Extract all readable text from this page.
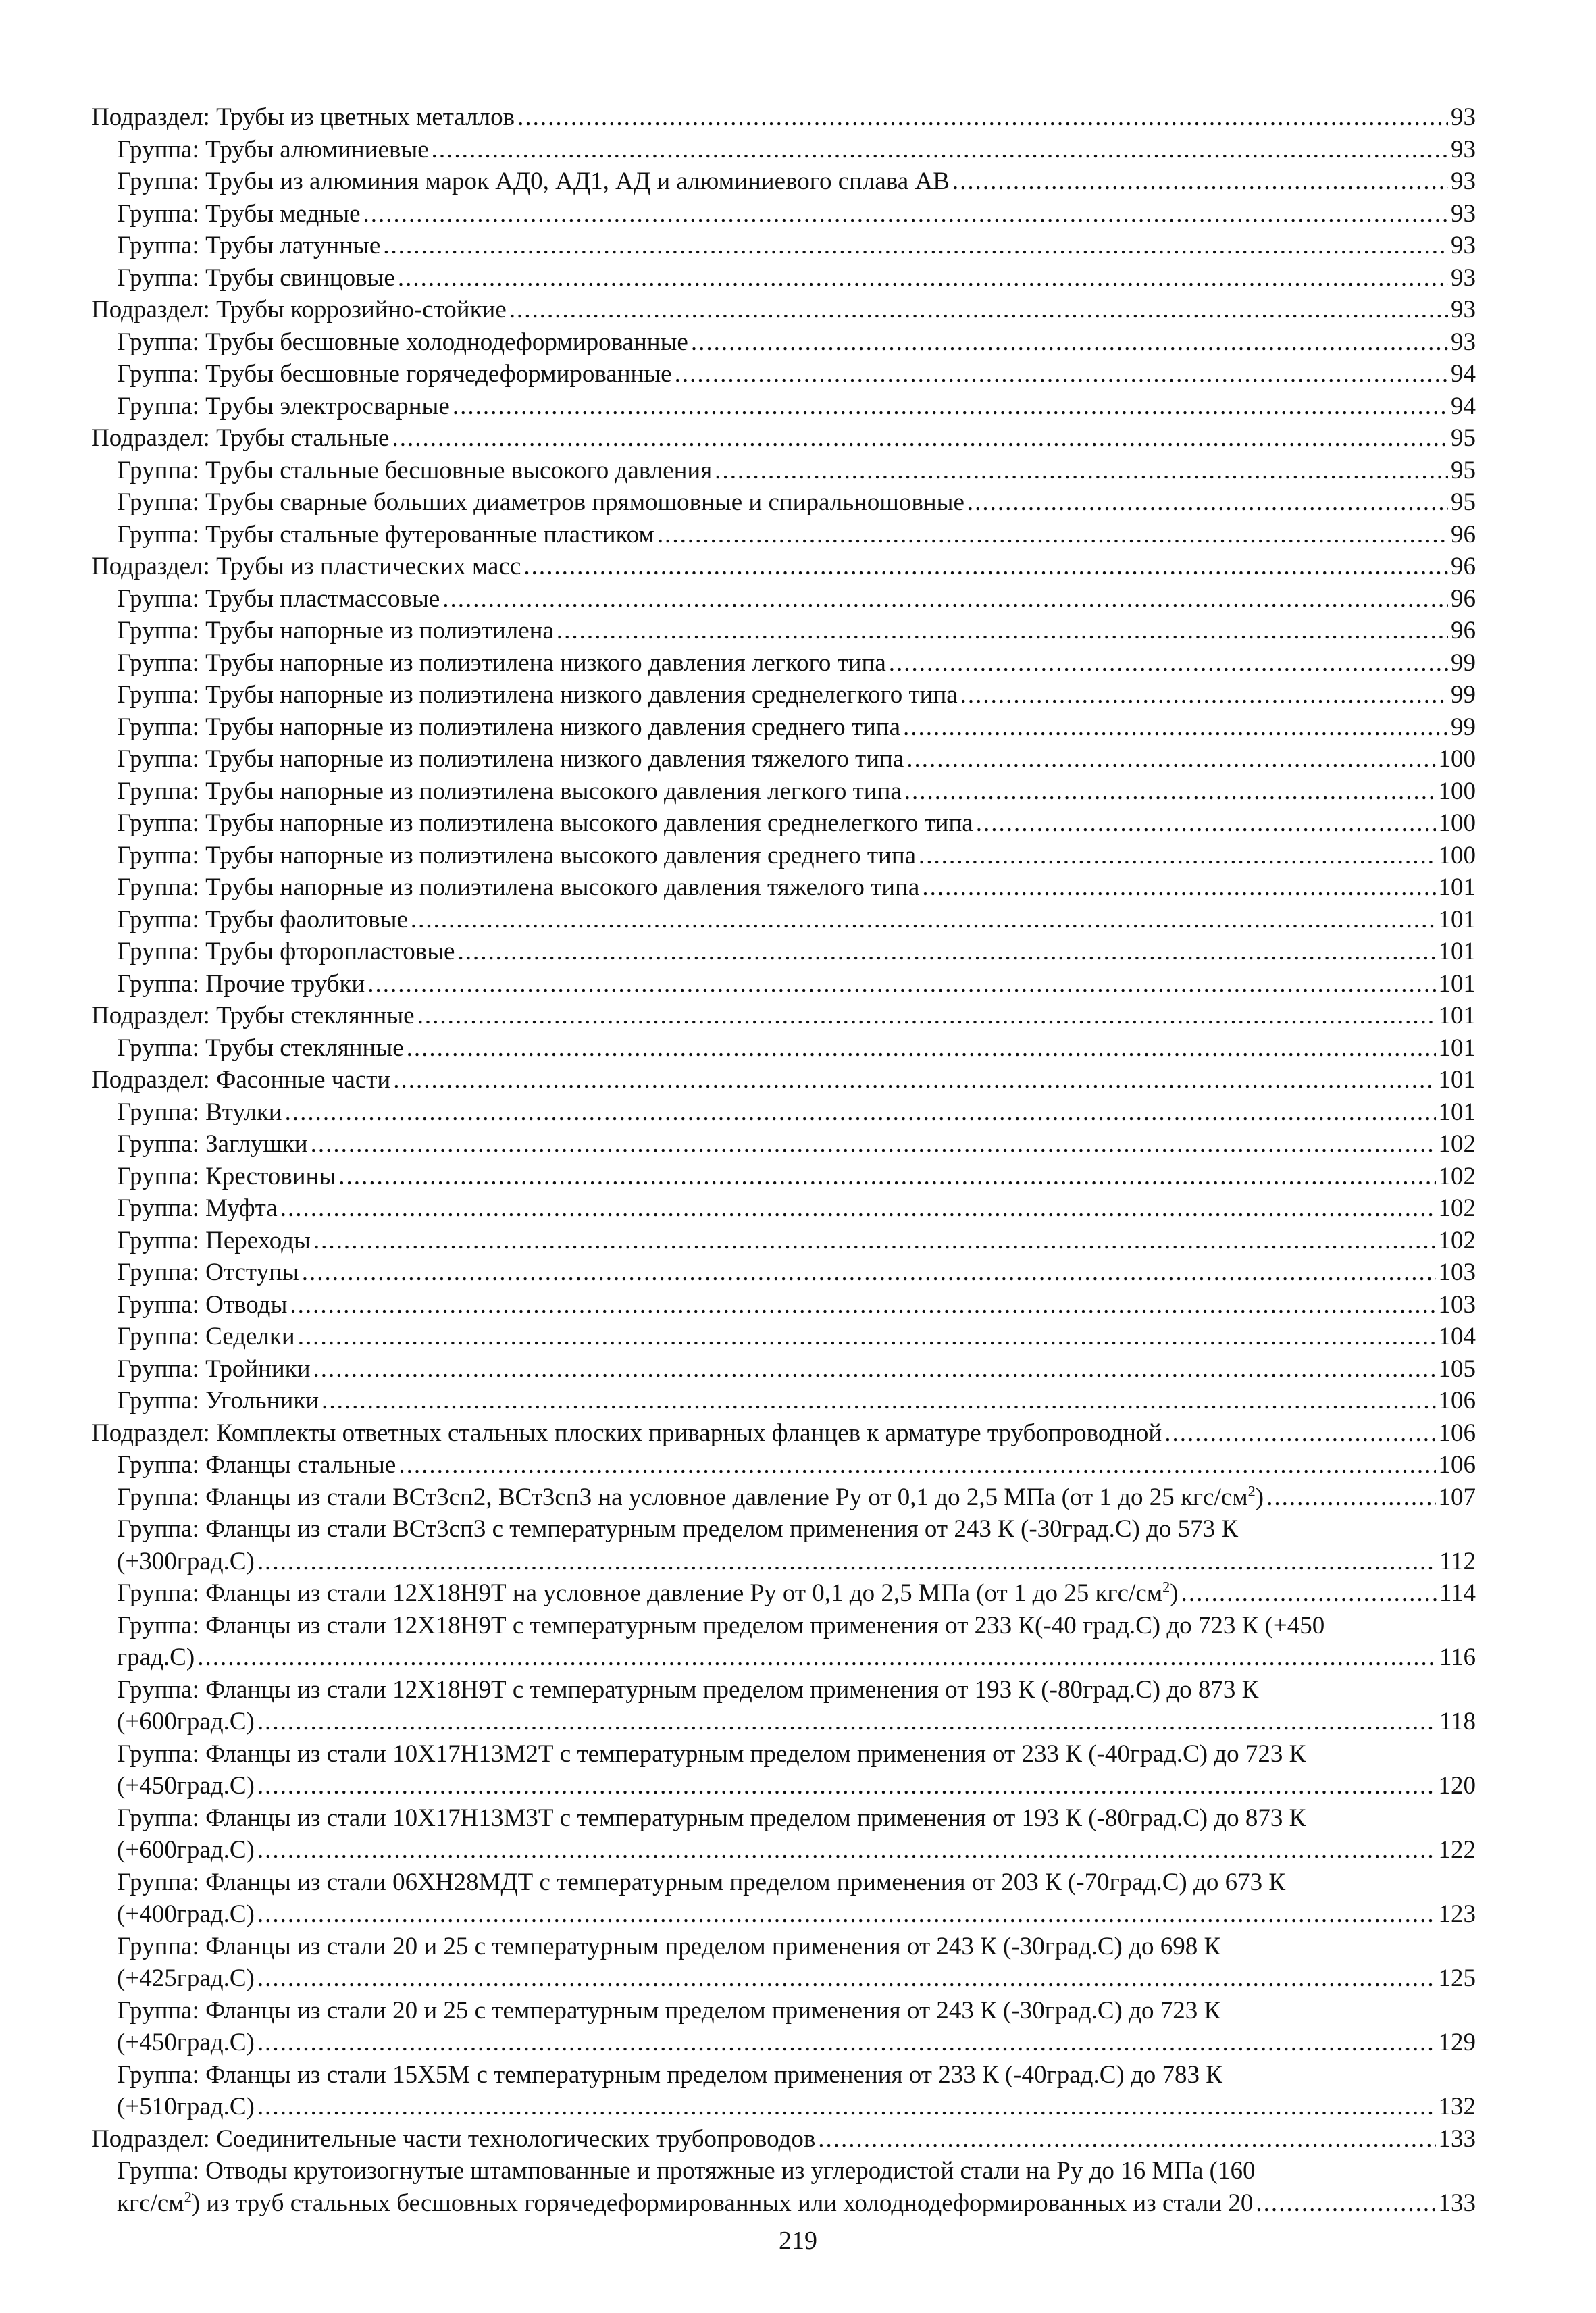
Подраздел: Трубы из цветных металлов .....	93
Группа: Трубы алюминиевые .....	93
Группа: Трубы из алюминия марок АД0, АД1, АД и алюминиевого сплава АВ .....	93
Группа: Трубы медные .....	93
Группа: Трубы латунные .....	93
Группа: Трубы свинцовые .....	93
Подраздел: Трубы коррозийно-стойкие .....	93
Группа: Трубы бесшовные холоднодеформированные .....	93
Группа: Трубы бесшовные горячедеформированные .....	94
Группа: Трубы электросварные .....	94
Подраздел: Трубы стальные .....	95
Группа: Трубы стальные бесшовные высокого давления .....	95
Группа: Трубы сварные больших диаметров прямошовные и спиральношовные .....	95
Группа: Трубы стальные футерованные пластиком .....	96
Подраздел: Трубы из пластических масс .....	96
Группа: Трубы пластмассовые .....	96
Группа: Трубы напорные из полиэтилена .....	96
Группа: Трубы напорные из полиэтилена низкого давления легкого типа .....	99
Группа: Трубы напорные из полиэтилена низкого давления среднелегкого типа .....	99
Группа: Трубы напорные из полиэтилена низкого давления среднего типа .....	99
Группа: Трубы напорные из полиэтилена низкого давления тяжелого типа .....	100
Группа: Трубы напорные из полиэтилена высокого давления легкого типа .....	100
Группа: Трубы напорные из полиэтилена высокого давления среднелегкого типа .....	100
Группа: Трубы напорные из полиэтилена высокого давления среднего типа .....	100
Группа: Трубы напорные из полиэтилена высокого давления тяжелого типа .....	101
Группа: Трубы фаолитовые .....	101
Группа: Трубы фторопластовые .....	101
Группа: Прочие трубки .....	101
Подраздел: Трубы стеклянные .....	101
Группа: Трубы стеклянные .....	101
Подраздел: Фасонные части .....	101
Группа: Втулки .....	101
Группа: Заглушки .....	102
Группа: Крестовины .....	102
Группа: Муфта .....	102
Группа: Переходы .....	102
Группа: Отступы .....	103
Группа: Отводы .....	103
Группа: Седелки .....	104
Группа: Тройники .....	105
Группа: Угольники .....	106
Подраздел: Комплекты ответных стальных плоских приварных фланцев к арматуре трубопроводной .....	106
Группа: Фланцы стальные .....	106
Группа: Фланцы из стали ВСт3сп2, ВСт3сп3 на условное давление Ру от 0,1 до 2,5 МПа (от 1 до 25 кгс/$см^2$) .....	107
Группа: Фланцы из стали ВСт3сп3 с температурным пределом применения от 243 К (-30град.С) до 573 К
(+300град.С) .....	112
Группа: Фланцы из стали 12Х18Н9Т на условное давление Ру от 0,1 до 2,5 МПа (от 1 до 25 кгс/$см^2$) .....	114
Группа: Фланцы из стали 12Х18Н9Т с температурным пределом применения от 233 К(-40 град.С) до 723 К (+450
град.С) .....	116
Группа: Фланцы из стали 12Х18Н9Т с температурным пределом применения от 193 К (-80град.С) до 873 К
(+600град.С) .....	118
Группа: Фланцы из стали 10Х17Н13М2Т с температурным пределом применения от 233 К (-40град.С) до 723 К
(+450град.С) .....	120
Группа: Фланцы из стали 10Х17Н13М3Т с температурным пределом применения от 193 К (-80град.С) до 873 К
(+600град.С) .....	122
Группа: Фланцы из стали 06ХН28МДТ с температурным пределом применения от 203 К (-70град.С) до 673 К
(+400град.С) .....	123
Группа: Фланцы из стали 20 и 25 с температурным пределом применения от 243 К (-30град.С) до 698 К
(+425град.С) .....	125
Группа: Фланцы из стали 20 и 25 с температурным пределом применения от 243 К (-30град.С) до 723 К
(+450град.С) .....	129
Группа: Фланцы из стали 15Х5М с температурным пределом применения от 233 К (-40град.С) до 783 К
(+510град.С) .....	132
Подраздел: Соединительные части технологических трубопроводов .....	133
Группа: Отводы крутоизогнутые штампованные и протяжные из углеродистой стали на Ру до 16 МПа (160
кгс/$см^2$) из труб стальных бесшовных горячедеформированных или холоднодеформированных из стали 20 .....	133
219
